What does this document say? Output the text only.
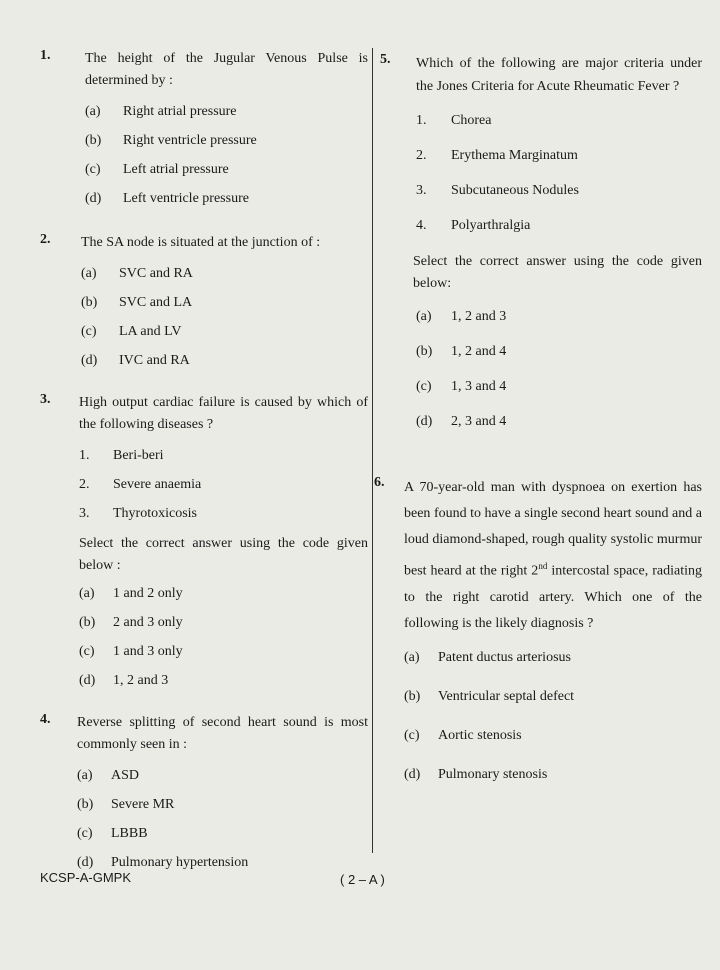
1. The height of the Jugular Venous Pulse is determined by :
(a)	Right atrial pressure
(b)	Right ventricle pressure
(c)	Left atrial pressure
(d)	Left ventricle pressure
2. The SA node is situated at the junction of :
(a)	SVC and RA
(b)	SVC and LA
(c)	LA and LV
(d)	IVC and RA
3. High output cardiac failure is caused by which of the following diseases ?
1.	Beri-beri
2.	Severe anaemia
3.	Thyrotoxicosis
Select the correct answer using the code given below :
(a)	1 and 2 only
(b)	2 and 3 only
(c)	1 and 3 only
(d)	1, 2 and 3
4. Reverse splitting of second heart sound is most commonly seen in :
(a)	ASD
(b)	Severe MR
(c)	LBBB
(d)	Pulmonary hypertension
5. Which of the following are major criteria under the Jones Criteria for Acute Rheumatic Fever ?
1.	Chorea
2.	Erythema Marginatum
3.	Subcutaneous Nodules
4.	Polyarthralgia
Select the correct answer using the code given below:
(a)	1, 2 and 3
(b)	1, 2 and 4
(c)	1, 3 and 4
(d)	2, 3 and 4
6. A 70-year-old man with dyspnoea on exertion has been found to have a single second heart sound and a loud diamond-shaped, rough quality systolic murmur best heard at the right 2nd intercostal space, radiating to the right carotid artery. Which one of the following is the likely diagnosis ?
(a)	Patent ductus arteriosus
(b)	Ventricular septal defect
(c)	Aortic stenosis
(d)	Pulmonary stenosis
KCSP-A-GMPK	( 2 – A )
